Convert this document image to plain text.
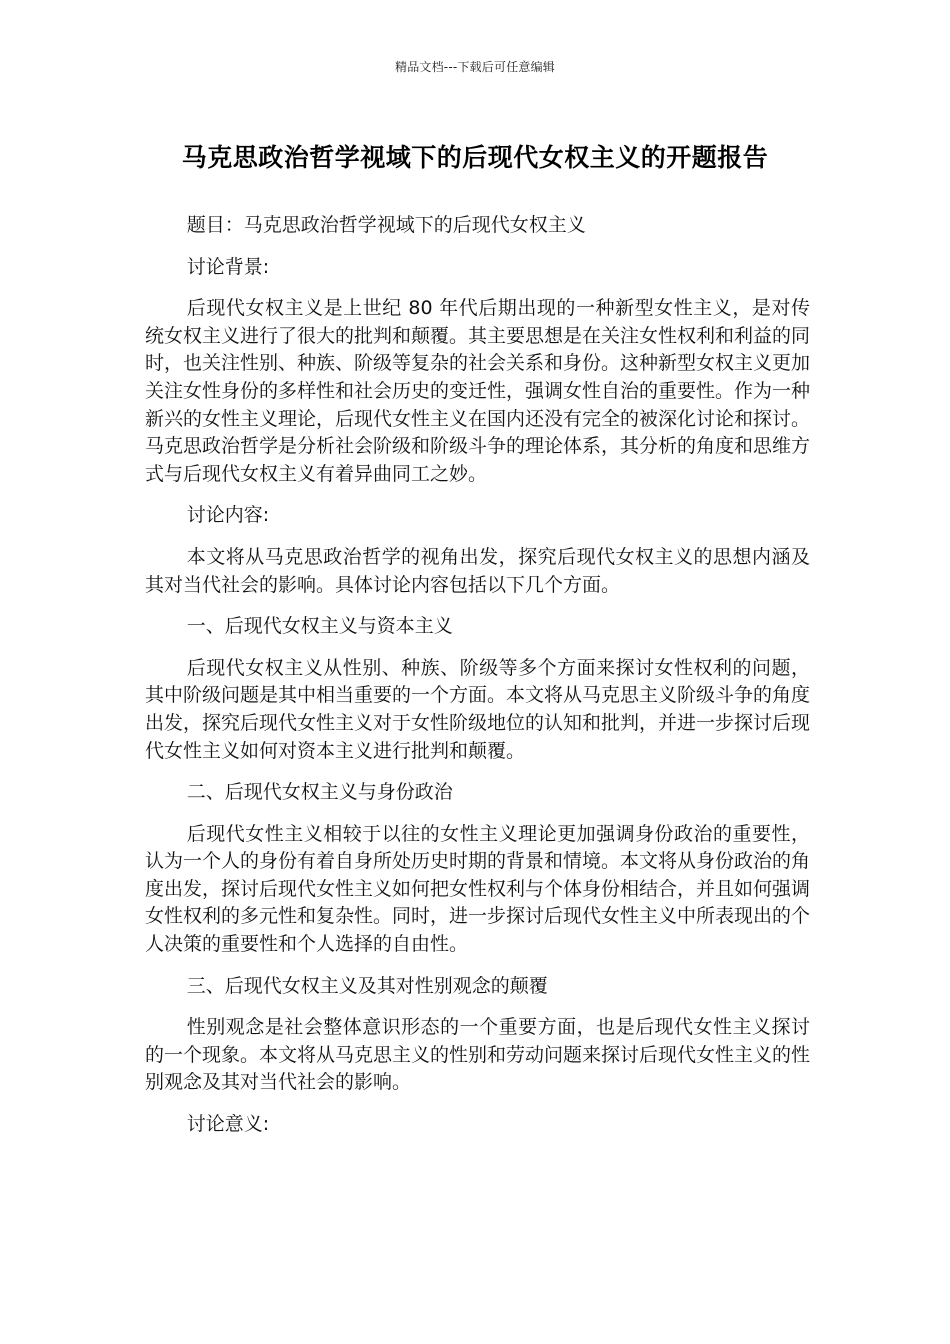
精品文档---下载后可任意编辑
马克思政治哲学视域下的后现代女权主义的开题报告

题目：马克思政治哲学视域下的后现代女权主义

讨论背景:

后现代女权主义是上世纪 80 年代后期出现的一种新型女性主义，是对传统女权主义进行了很大的批判和颠覆。其主要思想是在关注女性权利和利益的同时，也关注性别、种族、阶级等复杂的社会关系和身份。这种新型女权主义更加关注女性身份的多样性和社会历史的变迁性，强调女性自治的重要性。作为一种新兴的女性主义理论，后现代女性主义在国内还没有完全的被深化讨论和探讨。马克思政治哲学是分析社会阶级和阶级斗争的理论体系，其分析的角度和思维方式与后现代女权主义有着异曲同工之妙。

讨论内容:

本文将从马克思政治哲学的视角出发，探究后现代女权主义的思想内涵及其对当代社会的影响。具体讨论内容包括以下几个方面。

一、后现代女权主义与资本主义

后现代女权主义从性别、种族、阶级等多个方面来探讨女性权利的问题，其中阶级问题是其中相当重要的一个方面。本文将从马克思主义阶级斗争的角度出发，探究后现代女性主义对于女性阶级地位的认知和批判，并进一步探讨后现代女性主义如何对资本主义进行批判和颠覆。

二、后现代女权主义与身份政治

后现代女性主义相较于以往的女性主义理论更加强调身份政治的重要性，认为一个人的身份有着自身所处历史时期的背景和情境。本文将从身份政治的角度出发，探讨后现代女性主义如何把女性权利与个体身份相结合，并且如何强调女性权利的多元性和复杂性。同时，进一步探讨后现代女性主义中所表现出的个人决策的重要性和个人选择的自由性。

三、后现代女权主义及其对性别观念的颠覆

性别观念是社会整体意识形态的一个重要方面，也是后现代女性主义探讨的一个现象。本文将从马克思主义的性别和劳动问题来探讨后现代女性主义的性别观念及其对当代社会的影响。

讨论意义:
